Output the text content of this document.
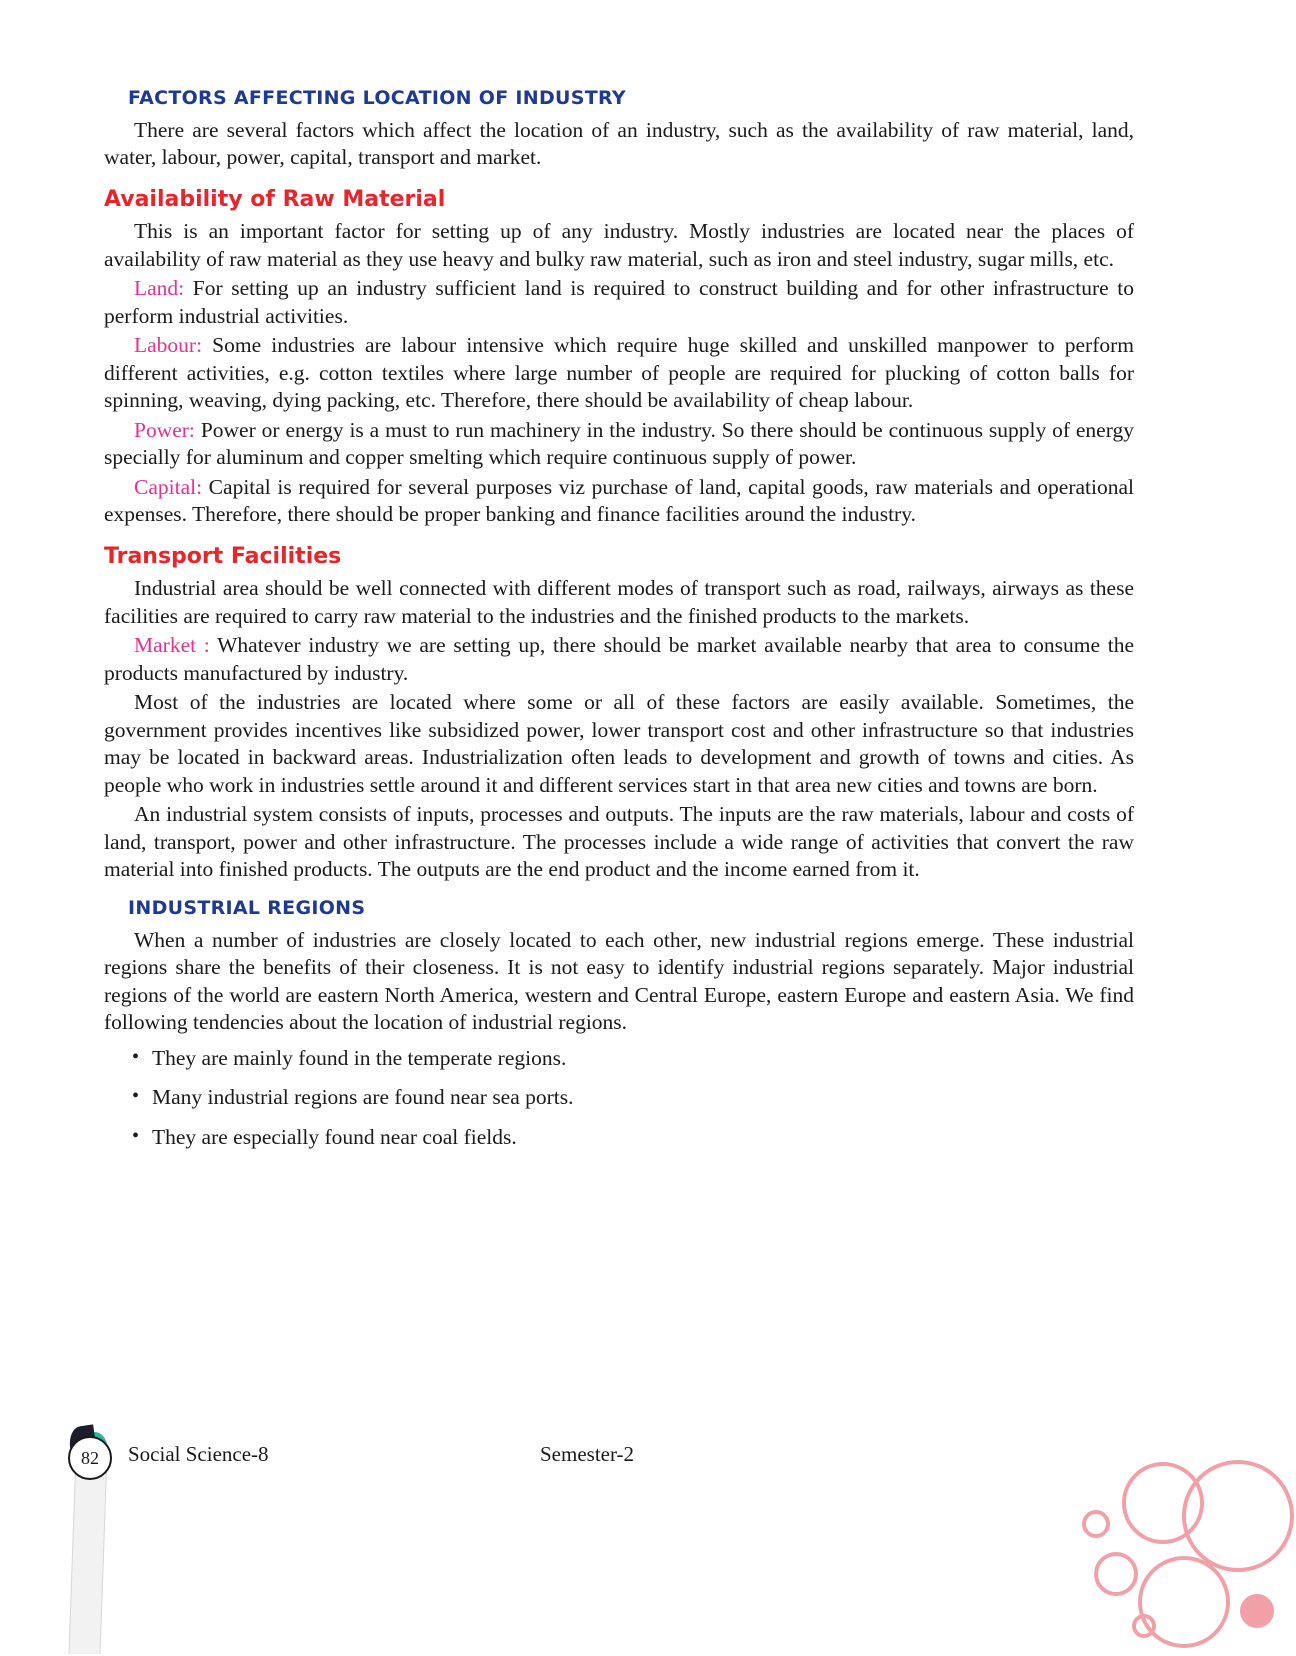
FACTORS AFFECTING LOCATION OF INDUSTRY

There are several factors which affect the location of an industry, such as the availability of raw material, land, water, labour, power, capital, transport and market.

Availability of Raw Material

This is an important factor for setting up of any industry. Mostly industries are located near the places of availability of raw material as they use heavy and bulky raw material, such as iron and steel industry, sugar mills, etc.

Land: For setting up an industry sufficient land is required to construct building and for other infrastructure to perform industrial activities.

Labour: Some industries are labour intensive which require huge skilled and unskilled manpower to perform different activities, e.g. cotton textiles where large number of people are required for plucking of cotton balls for spinning, weaving, dying packing, etc. Therefore, there should be availability of cheap labour.

Power: Power or energy is a must to run machinery in the industry. So there should be continuous supply of energy specially for aluminum and copper smelting which require continuous supply of power.

Capital: Capital is required for several purposes viz purchase of land, capital goods, raw materials and operational expenses. Therefore, there should be proper banking and finance facilities around the industry.

Transport Facilities

Industrial area should be well connected with different modes of transport such as road, railways, airways as these facilities are required to carry raw material to the industries and the finished products to the markets.

Market : Whatever industry we are setting up, there should be market available nearby that area to consume the products manufactured by industry.

Most of the industries are located where some or all of these factors are easily available. Sometimes, the government provides incentives like subsidized power, lower transport cost and other infrastructure so that industries may be located in backward areas. Industrialization often leads to development and growth of towns and cities. As people who work in industries settle around it and different services start in that area new cities and towns are born.

An industrial system consists of inputs, processes and outputs. The inputs are the raw materials, labour and costs of land, transport, power and other infrastructure. The processes include a wide range of activities that convert the raw material into finished products. The outputs are the end product and the income earned from it.

INDUSTRIAL REGIONS

When a number of industries are closely located to each other, new industrial regions emerge. These industrial regions share the benefits of their closeness. It is not easy to identify industrial regions separately. Major industrial regions of the world are eastern North America, western and Central Europe, eastern Europe and eastern Asia. We find following tendencies about the location of industrial regions.

• They are mainly found in the temperate regions.
• Many industrial regions are found near sea ports.
• They are especially found near coal fields.
82	Social Science-8	Semester-2
